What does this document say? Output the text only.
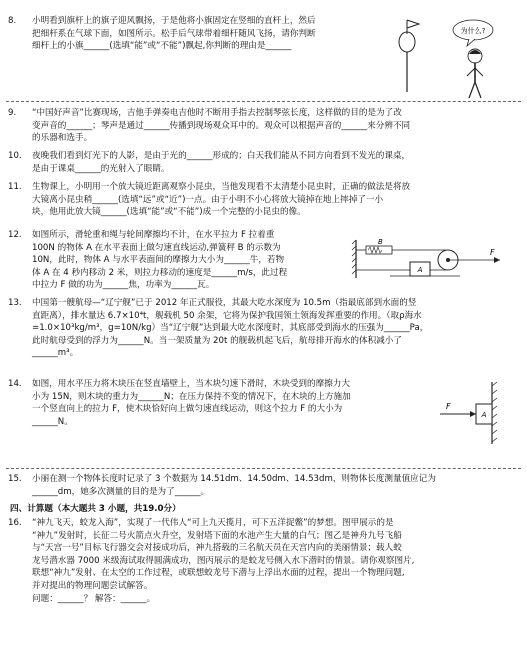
8.	小明看到旗杆上的旗子迎风飘扬，于是他将小旗固定在竖细的直杆上，然后
把细杆系在气球下面，如图所示。松手后气球带着细杆随风飞扬，请你判断
细杆上的小旗______(选填“能”或“不能”)飘起,你判断的理由是______
为什么?
9.	“中国好声音”比赛现场，吉他手弹奏电吉他时不断用手指去控制琴弦长度，这样做的目的是为了改
变声音的______；琴声是通过______传播到现场观众耳中的。观众可以根据声音的______来分辨不同
的乐器和选手。
10.	夜晚我们看到灯光下的人影，是由于光的______形成的；白天我们能从不同方向看到不发光的课桌，
是由于课桌______的光射入了眼睛。
11.	生物课上，小明用一个放大镜近距离观察小昆虫，当他发现看不太清楚小昆虫时，正确的做法是将放
大镜离小昆虫稍______(选填“远”或“近”)一点。由于小明不小心将放大镜掉在地上摔掉了一小
块，他用此放大镜______(选填“能”或“不能”)成一个完整的小昆虫的像。
12.	如图所示，滑轮重和绳与轮间摩擦均不计，在水平拉力 F 拉着重
100N 的物体 A 在水平表面上做匀速直线运动,弹簧秤 B 的示数为
10N，此时，物体 A 与水平表面间的摩擦力大小为______牛，若物
体 A 在 4 秒内移动 2 米，则拉力移动的速度是______m/s，此过程
中拉力 F 做的功为______焦，功率为______瓦。
B
A
F
13.	中国第一艘航母—“辽宁舰”已于 2012 年正式服役，其最大吃水深度为 10.5m（指最底部到水面的竖
直距离），排水量达 6.7×10⁴t，舰载机 50 余架，它将为保护我国领土领海发挥重要的作用。（取ρ海水
=1.0×10³kg/m³，g=10N/kg）当“辽宁舰”达到最大吃水深度时，其底部受到海水的压强为______Pa，
此时航母受到的浮力为______N。当一架质量为 20t 的舰载机起飞后，航母排开海水的体积减小了
______m³。
14.	如图，用水平压力将木块压在竖直墙壁上，当木块匀速下滑时，木块受到的摩擦力大
小为 15N，则木块的重力为______N；在压力保持不变的情况下，在木块的上方施加
一个竖直向上的拉力 F，使木块恰好向上做匀速直线运动，则这个拉力 F 的大小为
______N。
A
F
15.	小丽在测一个物体长度时记录了 3 个数据为 14.51dm、14.50dm、14.53dm，则物体长度测量值应记为
______dm，她多次测量的目的是为了______。
四、计算题（本大题共 3 小题，共19.0分）
16.	“神九飞天，蛟龙入海”，实现了一代伟人“可上九天揽月，可下五洋捉鳖”的梦想。图甲展示的是
“神九”发射时，长征二号火箭点火升空，发射塔下面的水池产生大量的白气；图乙是神舟九号飞船
与“天宫一号”目标飞行器交会对接成功后，神九搭载的三名航天员在天宫内向的美丽情景；载人蛟
龙号潜水器 7000 米级海试取得圆满成功，图丙展示的是蛟龙号侧入水下潜时的情景。请你观察图片,
联想“神九”发射、在太空的工作过程，或联想蛟龙号下潜与上浮出水面的过程，提出一个物理问题,
并对提出的物理问题尝试解答。
问题：______？ 解答：______。
